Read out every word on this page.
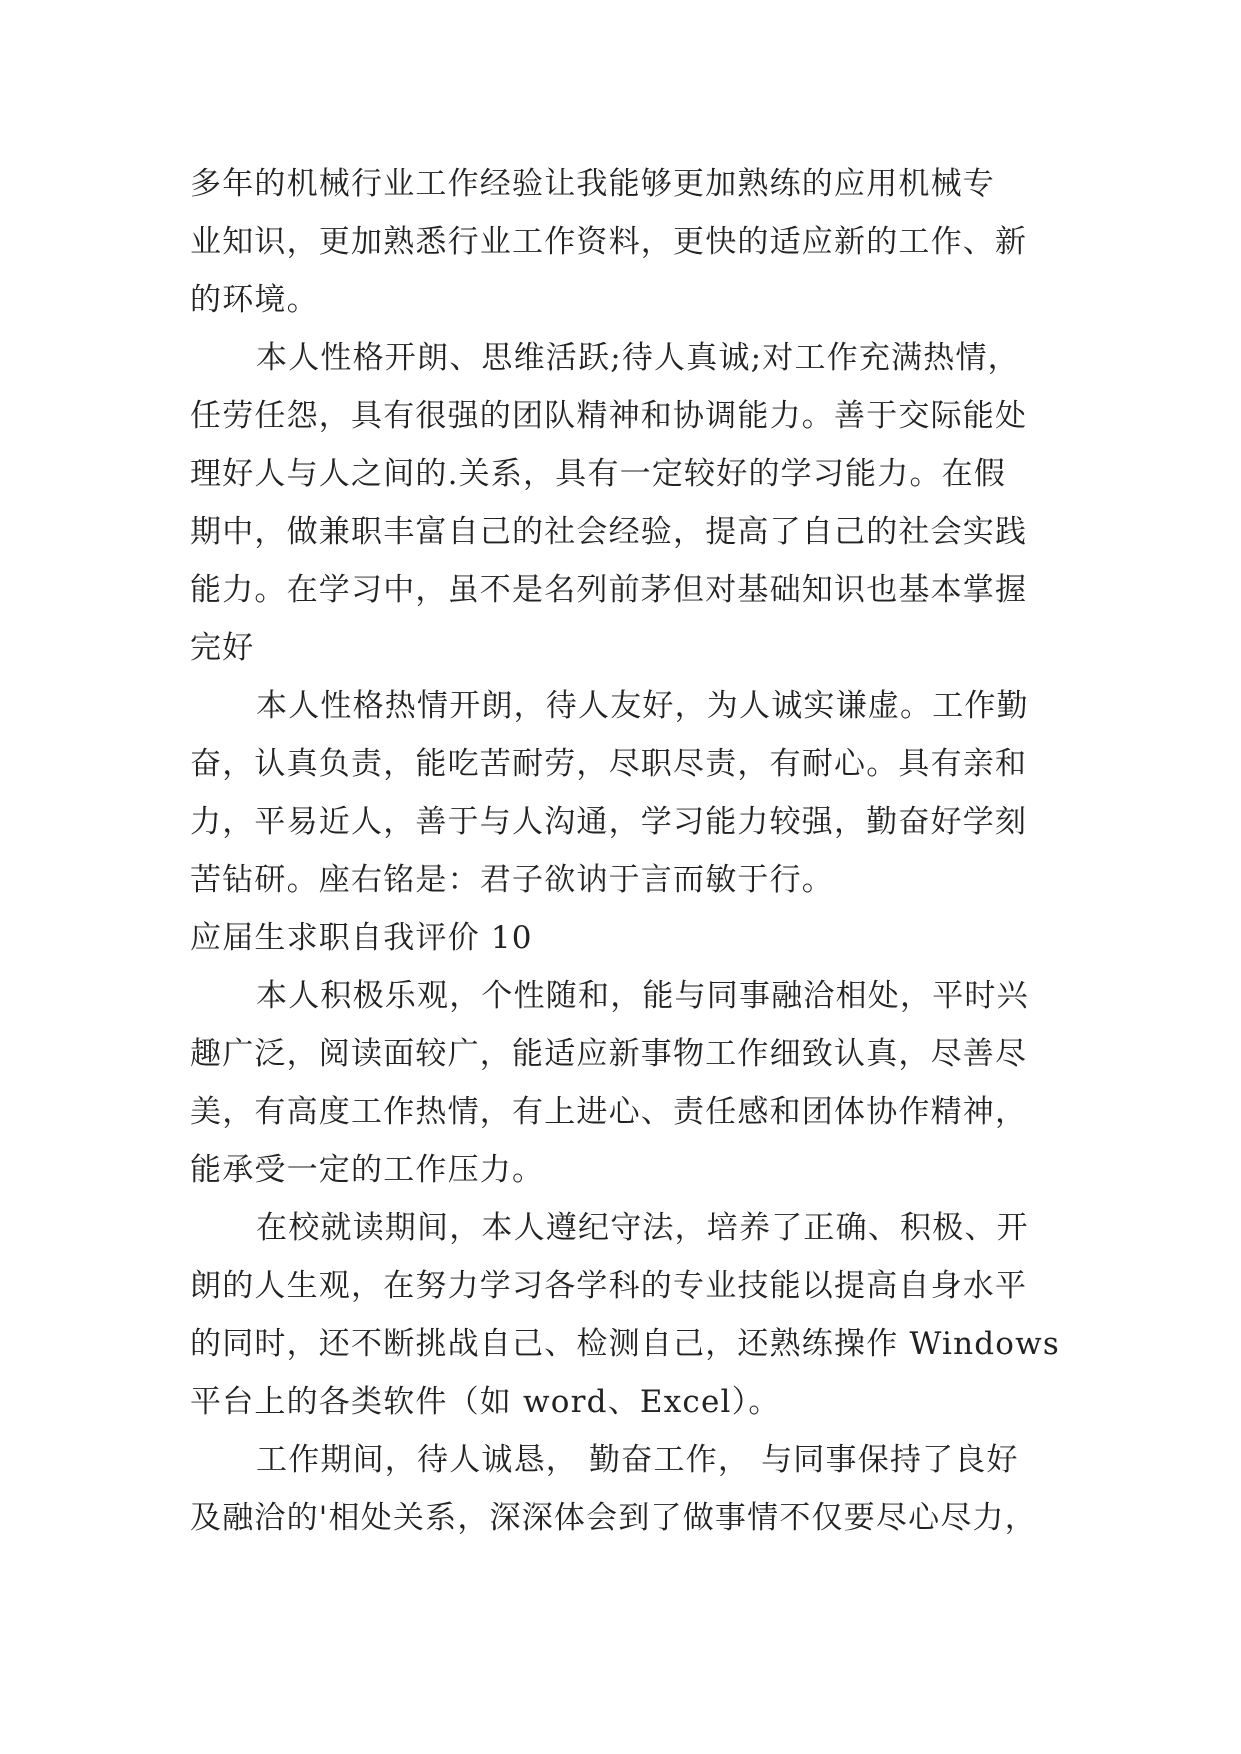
多年的机械行业工作经验让我能够更加熟练的应用机械专
业知识，更加熟悉行业工作资料，更快的适应新的工作、新
的环境。
本人性格开朗、思维活跃;待人真诚;对工作充满热情，
任劳任怨，具有很强的团队精神和协调能力。善于交际能处
理好人与人之间的.关系，具有一定较好的学习能力。在假
期中，做兼职丰富自己的社会经验，提高了自己的社会实践
能力。在学习中，虽不是名列前茅但对基础知识也基本掌握
完好
本人性格热情开朗，待人友好，为人诚实谦虚。工作勤
奋，认真负责，能吃苦耐劳，尽职尽责，有耐心。具有亲和
力，平易近人，善于与人沟通，学习能力较强，勤奋好学刻
苦钻研。座右铭是：君子欲讷于言而敏于行。
应届生求职自我评价 10
本人积极乐观，个性随和，能与同事融洽相处，平时兴
趣广泛，阅读面较广，能适应新事物工作细致认真，尽善尽
美，有高度工作热情，有上进心、责任感和团体协作精神，
能承受一定的工作压力。
在校就读期间，本人遵纪守法，培养了正确、积极、开
朗的人生观，在努力学习各学科的专业技能以提高自身水平
的同时，还不断挑战自己、检测自己，还熟练操作 Windows
平台上的各类软件（如 word、Excel）。
工作期间，待人诚恳， 勤奋工作， 与同事保持了良好
及融洽的'相处关系，深深体会到了做事情不仅要尽心尽力，
